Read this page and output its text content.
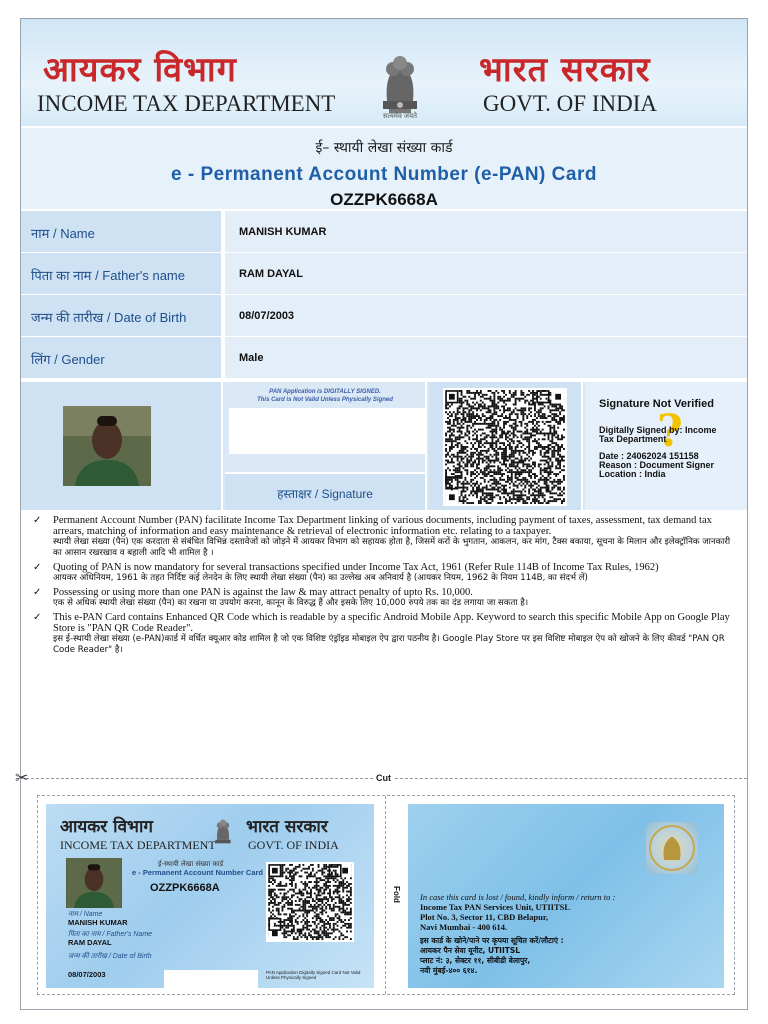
आयकर विभाग
INCOME TAX DEPARTMENT
सत्यमेव जयते
भारत सरकार
GOVT. OF INDIA
ई– स्थायी लेखा संख्या कार्ड
e - Permanent Account Number (e-PAN) Card
OZZPK6668A
नाम / Name	MANISH KUMAR
पिता का नाम / Father's name	RAM DAYAL
जन्म की तारीख / Date of Birth	08/07/2003
लिंग / Gender	Male
PAN Application is DIGITALLY SIGNED.
This Card is Not Valid Unless Physically Signed
हस्ताक्षर / Signature
Signature Not Verified
?
Digitally Signed by: Income
Tax Department
Date : 24062024 151158
Reason : Document Signer
Location : India
✓ Permanent Account Number (PAN) facilitate Income Tax Department linking of various documents, including payment of taxes, assessment, tax demand tax arrears, matching of information and easy maintenance & retrieval of electronic information etc. relating to a taxpayer.
स्थायी लेखा संख्या (पैन) एक करदाता से संबंधित विभिन्न दस्तावेजों को जोड़ने में आयकर विभाग को सहायक होता है, जिसमें करों के भुगतान, आकलन, कर मांग, टैक्स बकाया, सूचना के मिलान और इलेक्ट्रॉनिक जानकारी का आसान रखरखाव व बहाली आदि भी शामिल है ।
✓ Quoting of PAN is now mandatory for several transactions specified under Income Tax Act, 1961 (Refer Rule 114B of Income Tax Rules, 1962)
आयकर अधिनियम, 1961 के तहत निर्दिष्ट कई लेनदेन के लिए स्थायी लेखा संख्या (पैन) का उल्लेख अब अनिवार्य है (आयकर नियम, 1962 के नियम 114B, का संदर्भ लें)
✓ Possessing or using more than one PAN is against the law & may attract penalty of upto Rs. 10,000.
एक से अधिक स्थायी लेखा संख्या (पैन) का रखना या उपयोग करना, कानून के विरुद्ध है और इसके लिए 10,000 रुपये तक का दंड लगाया जा सकता है।
✓ This e-PAN Card contains Enhanced QR Code which is readable by a specific Android Mobile App. Keyword to search this specific Mobile App on Google Play Store is "PAN QR Code Reader".
इस ई-स्थायी लेखा संख्या (e-PAN)कार्ड में वर्धित क्यूआर कोड शामिल है जो एक विशिष्ट एंड्रॉइड मोबाइल ऐप द्वारा पठनीय है। Google Play Store पर इस विशिष्ट मोबाइल ऐप को खोजने के लिए कीवर्ड "PAN QR Code Reader" है।
✂	Cut
Fold
आयकर विभाग
INCOME TAX DEPARTMENT
भारत सरकार
GOVT. OF INDIA
ई-स्थायी लेखा संख्या कार्ड
e - Permanent Account Number Card
OZZPK6668A
नाम / Name
MANISH KUMAR
पिता का नाम / Father's Name
RAM DAYAL
जन्म की तारीख / Date of Birth
08/07/2003	PAN Application Digitally Signed Card Not Valid Unless Physically Signed
In case this card is lost / found, kindly inform / return to :
Income Tax PAN Services Unit, UTIITSL
Plot No. 3, Sector 11, CBD Belapur,
Navi Mumbai - 400 614.
इस कार्ड के खोने/पाने पर कृपया सूचित करें/लौटाएं :
आयकर पैन सेवा यूनीट, UTIITSL
प्लाट नं: ३, सेक्टर ११, सीबीडी बेलापुर,
नवी मुंबई-४०० ६१४.
